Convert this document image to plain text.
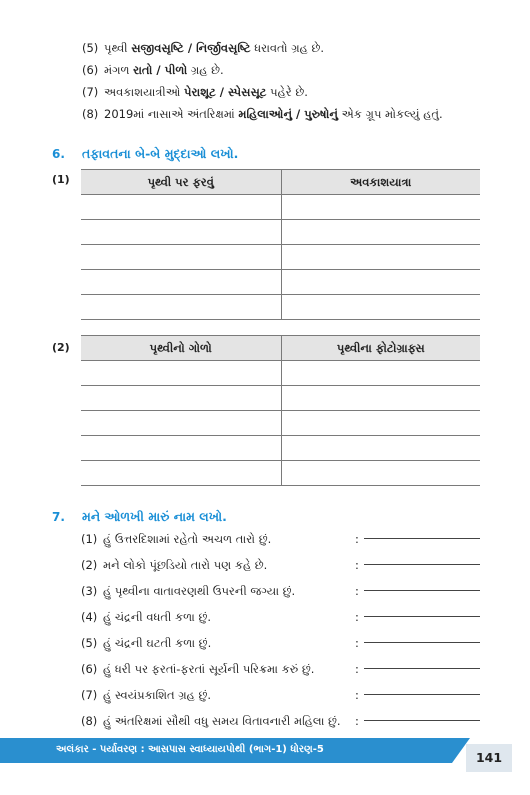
(5) પૃથ્વી સજીવસૃષ્ટિ / નિર્જીવસૃષ્ટિ ધરાવતો ગ્રહ છે.
(6) મંગળ રાતો / પીળો ગ્રહ છે.
(7) અવકાશયાત્રીઓ પેરાશૂટ / સ્પેસસૂટ પહેરે છે.
(8) 2019માં નાસાએ અંતરિક્ષમાં મહિલાઓનું / પુરુષોનું એક ગ્રૂપ મોકલ્યું હતું.
6. તફાવતના બે-બે મુદ્દાઓ લખો.
(1)	પૃથ્વી પર ફરવું	અવકાશયાત્રા

(2)	પૃથ્વીનો ગોળો	પૃથ્વીના ફોટોગ્રાફ્સ

7. મને ઓળખી મારું નામ લખો.
(1) હું ઉત્તરદિશામાં રહેતો અચળ તારો છું.	:
(2) મને લોકો પૂંછડિયો તારો પણ કહે છે.	:
(3) હું પૃથ્વીના વાતાવરણથી ઉપરની જગ્યા છું.	:
(4) હું ચંદ્રની વધતી કળા છું.	:
(5) હું ચંદ્રની ઘટતી કળા છું.	:
(6) હું ધરી પર ફરતાં-ફરતાં સૂર્યની પરિક્રમા કરું છું.	:
(7) હું સ્વયંપ્રકાશિત ગ્રહ છું.	:
(8) હું અંતરિક્ષમાં સૌથી વધુ સમય વિતાવનારી મહિલા છું. :
અલંકાર - પર્યાવરણ : આસપાસ સ્વાધ્યાયપોથી (ભાગ-1) ધોરણ-5
141
